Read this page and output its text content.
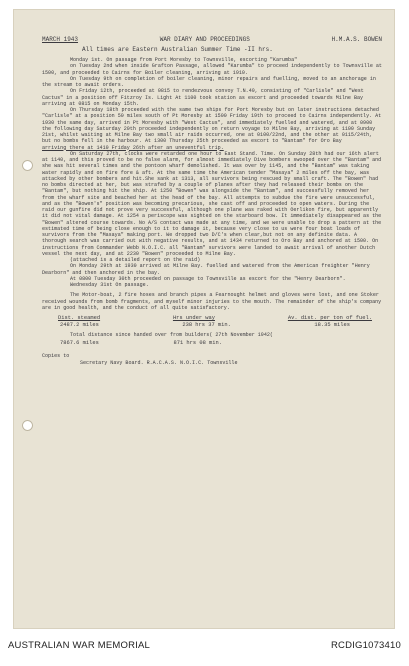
MARCH 1943	WAR DIARY AND PROCEEDINGS	H.M.A.S. BOWEN
All times are Eastern Australian Summer Time -II hrs.

Monday 1st. On passage from Port Moresby to Townsville, escorting "Karumba"

on Tuesday 2nd when inside Grafton Passage, allowed "Karumba" to proceed independently to Townsville at 1500, and proceeded to Cairns for Boiler cleaning, arriving at 1910.

On Tuesday 9th on completion of boiler cleaning, minor repairs and fuelling, moved to an anchorage in the stream to await orders.

On Friday 12th, proceeded at 0815 to rendezvous convoy T.N.49, consisting of "Carlisle" and "West Cactus" in a position off Fitzroy Is. Light At 1100 took station as escort and proceeded towards Milne Bay arriving at 0815 on Monday 15th.

On Thursday 18th proceeded with the same two ships for Port Moresby but on later instructions detached "Carlisle" at a position 50 miles south of Pt Moresby at 1500 Friday 19th to proceed to Cairns independently. At 1930 the same day, arrived in Pt Moresby with "West Cactus", and immediately fuelled and watered, and at 0900 the following day Saturday 20th proceeded independently on return voyage to Milne Bay, arriving at 1100 Sunday 21st, whilst waiting at Milne Bay two small air raids occurred, one at 0100/22nd, and the other at 0115/24th, but no bombs fell in the harbour. At 1300 Thursday 25th proceeded as escort to "Bantam" for Oro Bay

arriving there at 1410 Friday 26th after an uneventful trip.

On Saturday 27th, clocks were retarded one hour to East Stand. Time. On Sunday 28th had our 16th alert at 1140, and this proved to be no false alarm, for almost immediately Dive bombers swooped over the "Bantam" and she was hit several times and the pontoon wharf demolished. It was over by 1145, and the "Bantam" was taking water rapidly and on fire fore & aft. At the same time the American tender "Masaya" 2 miles off the bay, was attacked by other bombers and hit.She sank at 1313, all survivors being rescued by small craft. The "Bowen" had no bombs directed at her, but was strafed by a couple of planes after they had released their bombs on the "Bantam", but nothing hit the ship. At 1250 "Bowen" was alongside the "Bantam", and successfully removed her from the wharf site and beached her at the head of the bay. All attempts to subdue the fire were unsuccessful, and as the "Bowen's" position was becoming precarious, she cast off and proceeded to open waters. During the raid our gunfire did not prove very successful, although one plane was raked with Oerlikon fire, but apparently it did not vital damage. At 1254 a periscope was sighted on the starboard bow. It immediately disappeared as the "Bowen" altered course towards. No A/S contact was made at any time, and we were unable to drop a pattern at the estimated time of being close enough to it to damage it, because very close to us were four boat loads of survivors from the "Masaya" making port. We dropped two D/C's when clear,but not on any definite data. A thorough search was carried out with negative results, and at 1434 returned to Oro Bay and anchored at 1500. On instructions from Commander Webb N.O.I.C. all "Bantam" survivors were landed to await arrival of another Dutch vessel the next day, and at 2230 "Bowen" proceeded to Milne Bay.

(attached is a detailed report on the raid)

On Monday 29th at 1930 arrived at Milne Bay. fuelled and watered from the American freighter "Henry Dearborn" and then anchored in the bay.

At 0800 Tuesday 30th proceeded on passage to Townsville as escort for the "Henry Dearborn".

Wednesday 31st On passage.

The Motor-boat, 2 fire hoses and branch pipes a Fearnought helmet and gloves were lost, and one Stoker received wounds from bomb fragments, and myself minor injuries to the mouth. The remainder of the ship's company are in good health, and the conduct of all quite satisfactory.

Dist. steamed	Hrs under way	Av. dist. per ton of fuel.
2487.2 miles	238 hrs 37 min.	18.35 miles

Total distance since handed over from builders( 27th November 1942(

7867.6 miles	871 hrs 08 min.

Copies to

Secretary Navy Board. R.A.C.A.S. N.O.I.C. Townsville

AUSTRALIAN WAR MEMORIAL	RCDIG1073410
